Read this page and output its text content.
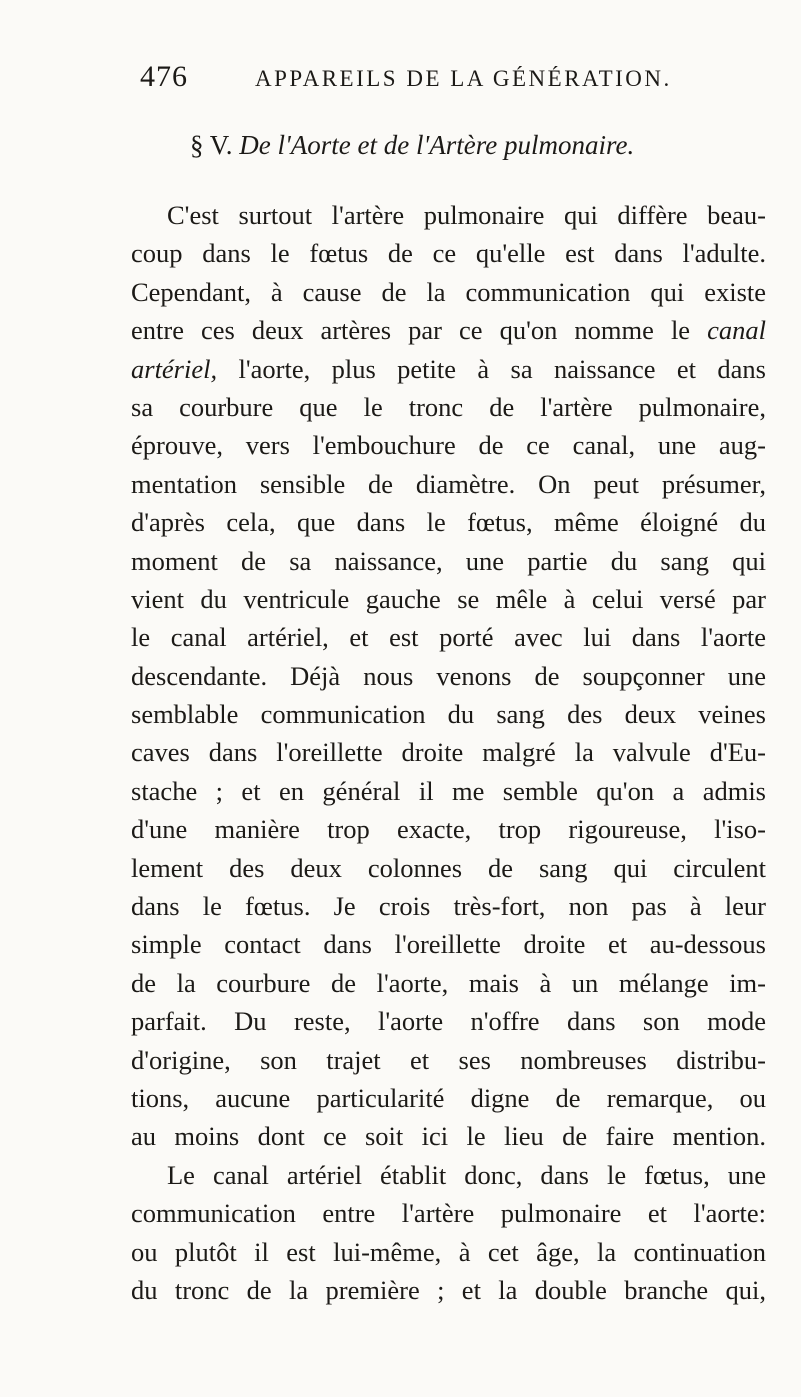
476	APPAREILS DE LA GÉNÉRATION.
§ V. De l'Aorte et de l'Artère pulmonaire.
C'est surtout l'artère pulmonaire qui diffère beau-
coup dans le fœtus de ce qu'elle est dans l'adulte.
Cependant, à cause de la communication qui existe
entre ces deux artères par ce qu'on nomme le canal
artériel, l'aorte, plus petite à sa naissance et dans
sa courbure que le tronc de l'artère pulmonaire,
éprouve, vers l'embouchure de ce canal, une aug-
mentation sensible de diamètre. On peut présumer,
d'après cela, que dans le fœtus, même éloigné du
moment de sa naissance, une partie du sang qui
vient du ventricule gauche se mêle à celui versé par
le canal artériel, et est porté avec lui dans l'aorte
descendante. Déjà nous venons de soupçonner une
semblable communication du sang des deux veines
caves dans l'oreillette droite malgré la valvule d'Eu-
stache ; et en général il me semble qu'on a admis
d'une manière trop exacte, trop rigoureuse, l'iso-
lement des deux colonnes de sang qui circulent
dans le fœtus. Je crois très-fort, non pas à leur
simple contact dans l'oreillette droite et au-dessous
de la courbure de l'aorte, mais à un mélange im-
parfait. Du reste, l'aorte n'offre dans son mode
d'origine, son trajet et ses nombreuses distribu-
tions, aucune particularité digne de remarque, ou
au moins dont ce soit ici le lieu de faire mention.
Le canal artériel établit donc, dans le fœtus, une
communication entre l'artère pulmonaire et l'aorte:
ou plutôt il est lui-même, à cet âge, la continuation
du tronc de la première ; et la double branche qui,
